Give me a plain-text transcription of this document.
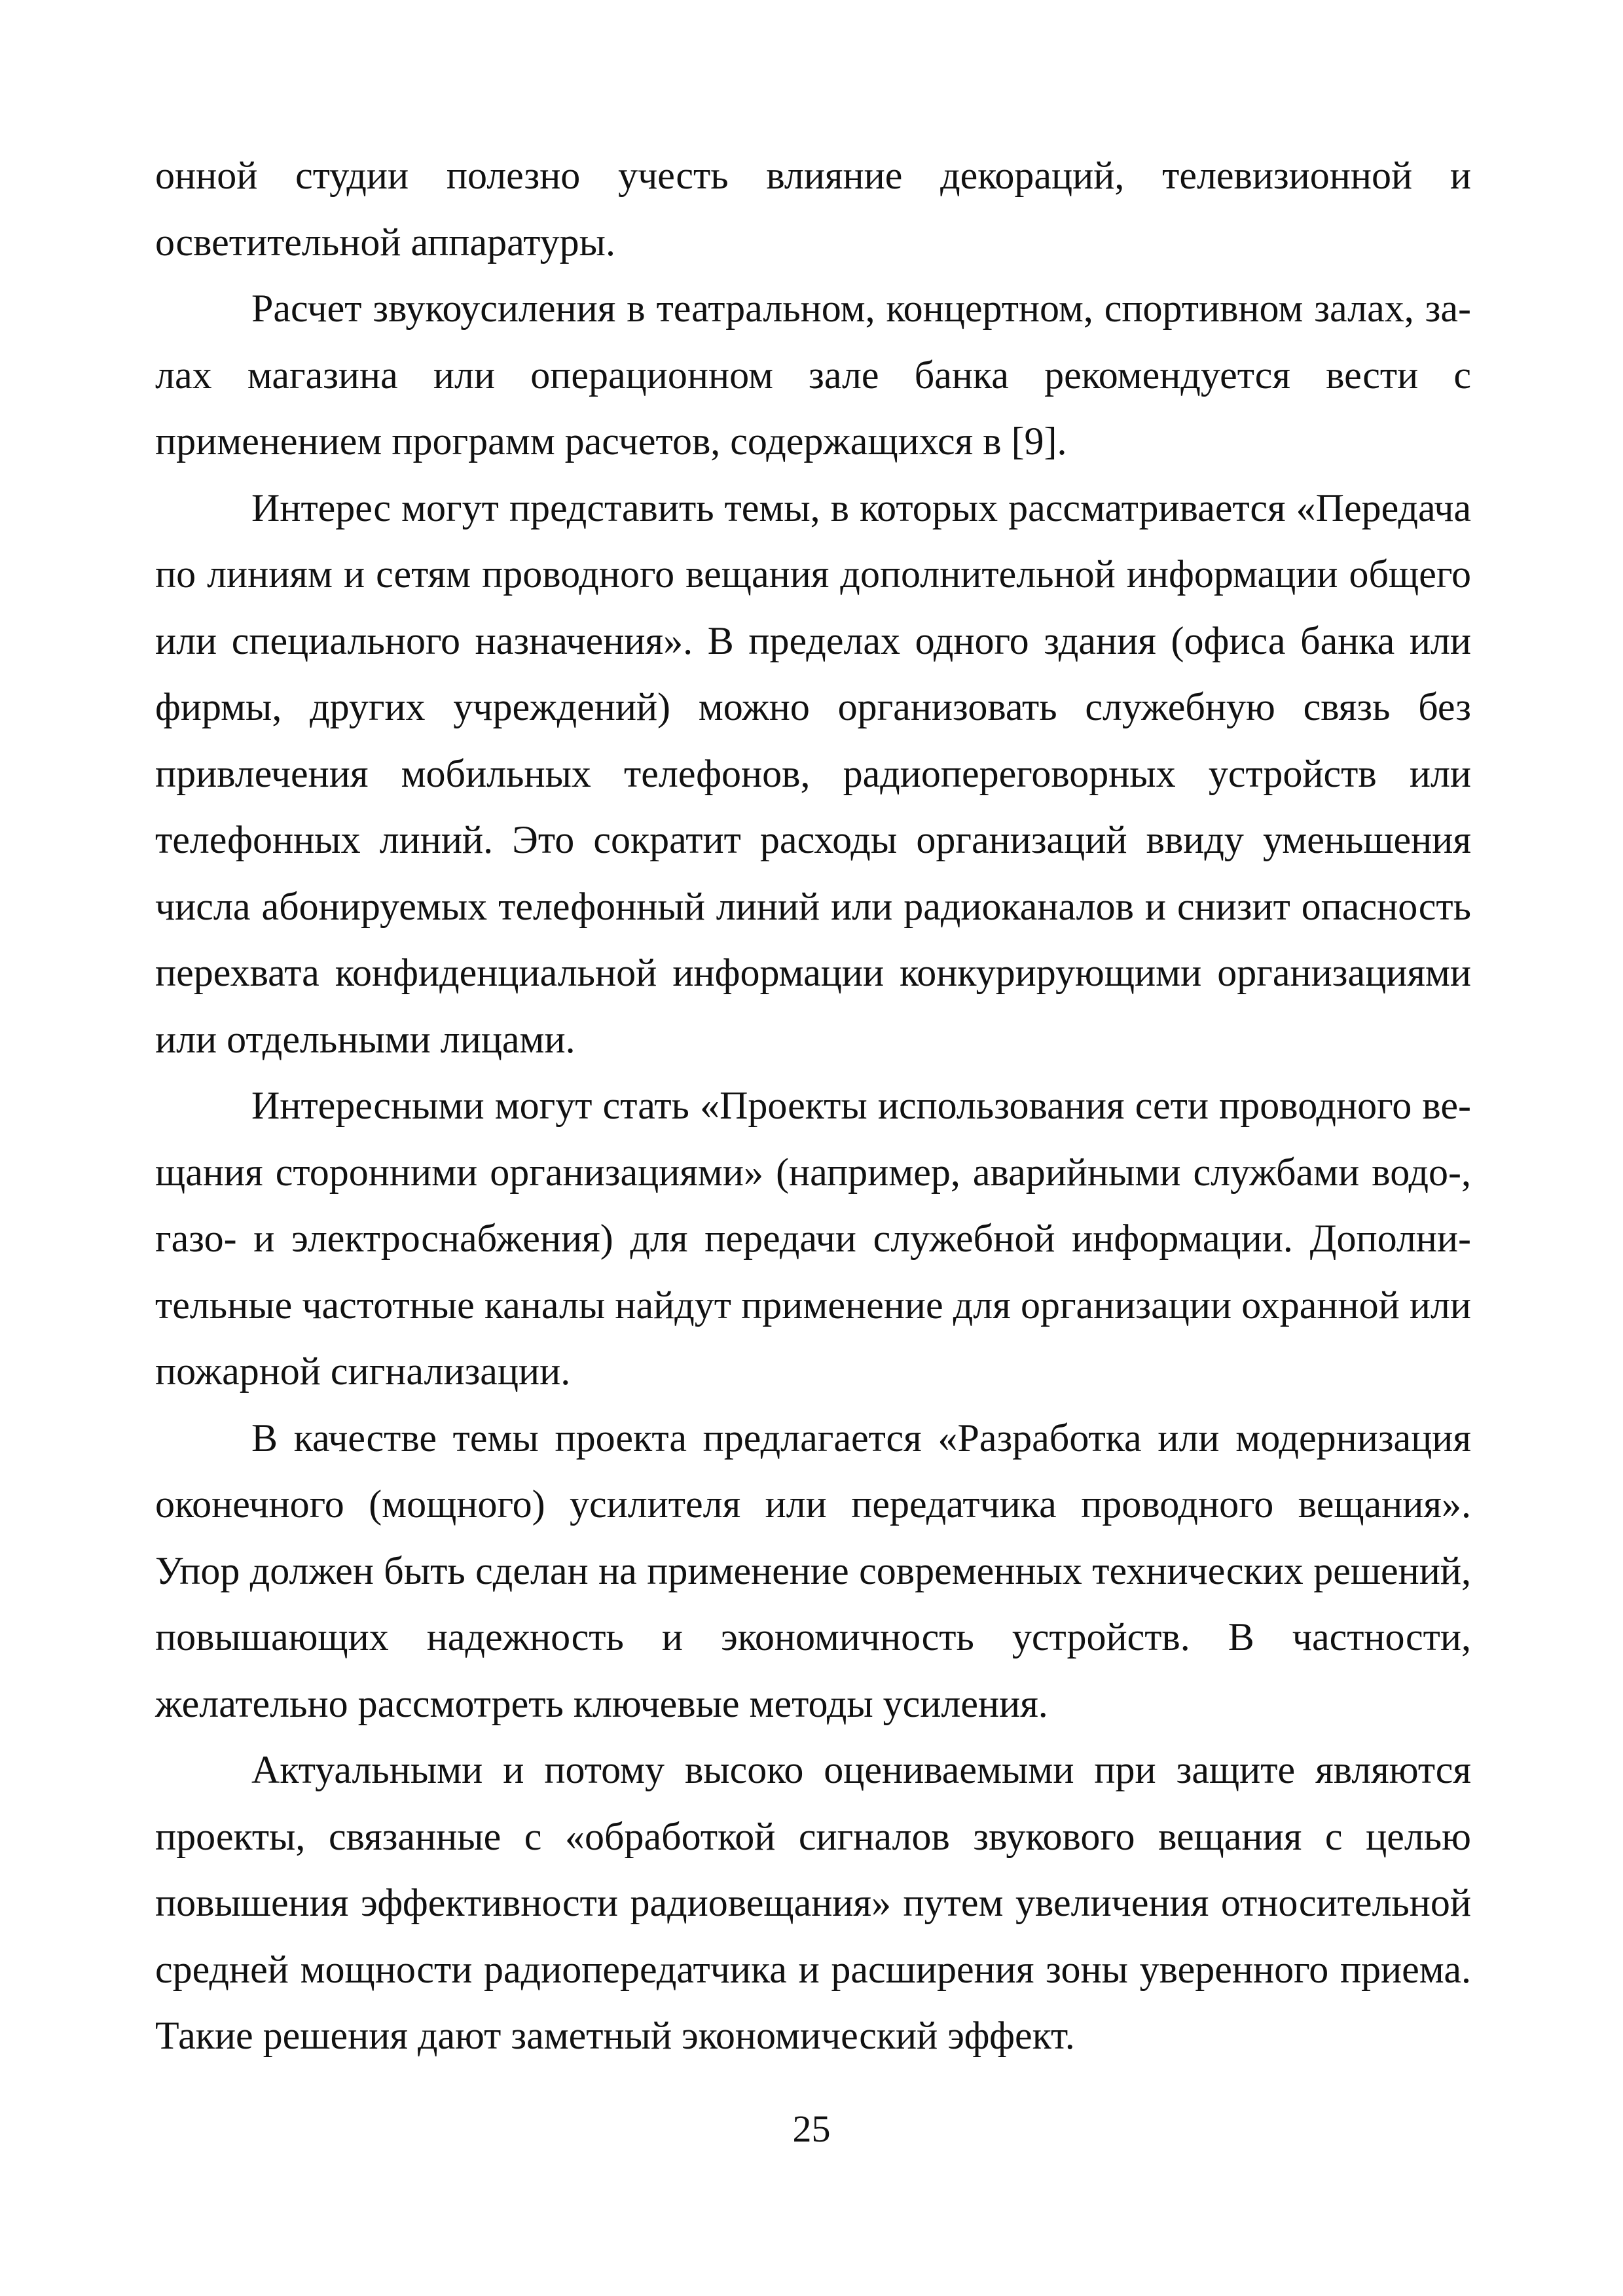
онной студии полезно учесть влияние декораций, телевизионной и осветительной аппаратуры.

Расчет звукоусиления в театральном, концертном, спортивном залах, залах магазина или операционном зале банка рекомендуется вести с применением программ расчетов, содержащихся в [9].

Интерес могут представить темы, в которых рассматривается «Передача по линиям и сетям проводного вещания дополнительной информации общего или специального назначения». В пределах одного здания (офиса банка или фирмы, других учреждений) можно организовать служебную связь без привлечения мобильных телефонов, радиопереговорных устройств или телефонных линий. Это сократит расходы организаций ввиду уменьшения числа абонируемых телефонный линий или радиоканалов и снизит опасность перехвата конфиденциальной информации конкурирующими организациями или отдельными лицами.

Интересными могут стать «Проекты использования сети проводного вещания сторонними организациями» (например, аварийными службами водо-, газо- и электроснабжения) для передачи служебной информации. Дополнительные частотные каналы найдут применение для организации охранной или пожарной сигнализации.

В качестве темы проекта предлагается «Разработка или модернизация оконечного (мощного) усилителя или передатчика проводного вещания». Упор должен быть сделан на применение современных технических решений, повышающих надежность и экономичность устройств. В частности, желательно рассмотреть ключевые методы усиления.

Актуальными и потому высоко оцениваемыми при защите являются проекты, связанные с «обработкой сигналов звукового вещания с целью повышения эффективности радиовещания» путем увеличения относительной средней мощности радиопередатчика и расширения зоны уверенного приема. Такие решения дают заметный экономический эффект.

25
